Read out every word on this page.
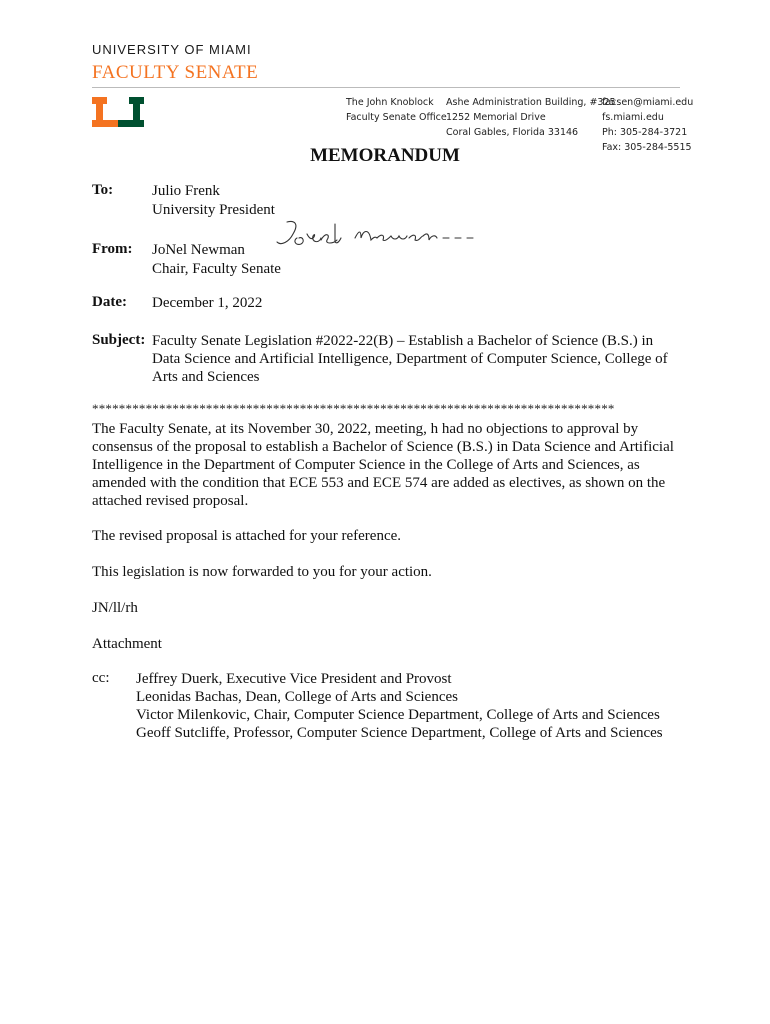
UNIVERSITY OF MIAMI
FACULTY SENATE
The John Knoblock
Faculty Senate Office
Ashe Administration Building, #325
1252 Memorial Drive
Coral Gables, Florida 33146
facsen@miami.edu
fs.miami.edu
Ph: 305-284-3721
Fax: 305-284-5515
MEMORANDUM
To:	Julio Frenk
University President
From: JoNel Newman
Chair, Faculty Senate
Date: December 1, 2022
Subject: Faculty Senate Legislation #2022-22(B) – Establish a Bachelor of Science (B.S.) in
Data Science and Artificial Intelligence, Department of Computer Science, College of
Arts and Sciences
******************************************************************************
The Faculty Senate, at its November 30, 2022, meeting, h had no objections to approval by
consensus of the proposal to establish a Bachelor of Science (B.S.) in Data Science and Artificial
Intelligence in the Department of Computer Science in the College of Arts and Sciences, as
amended with the condition that ECE 553 and ECE 574 are added as electives, as shown on the
attached revised proposal.
The revised proposal is attached for your reference.
This legislation is now forwarded to you for your action.
JN/ll/rh
Attachment
cc: Jeffrey Duerk, Executive Vice President and Provost
Leonidas Bachas, Dean, College of Arts and Sciences
Victor Milenkovic, Chair, Computer Science Department, College of Arts and Sciences
Geoff Sutcliffe, Professor, Computer Science Department, College of Arts and Sciences
